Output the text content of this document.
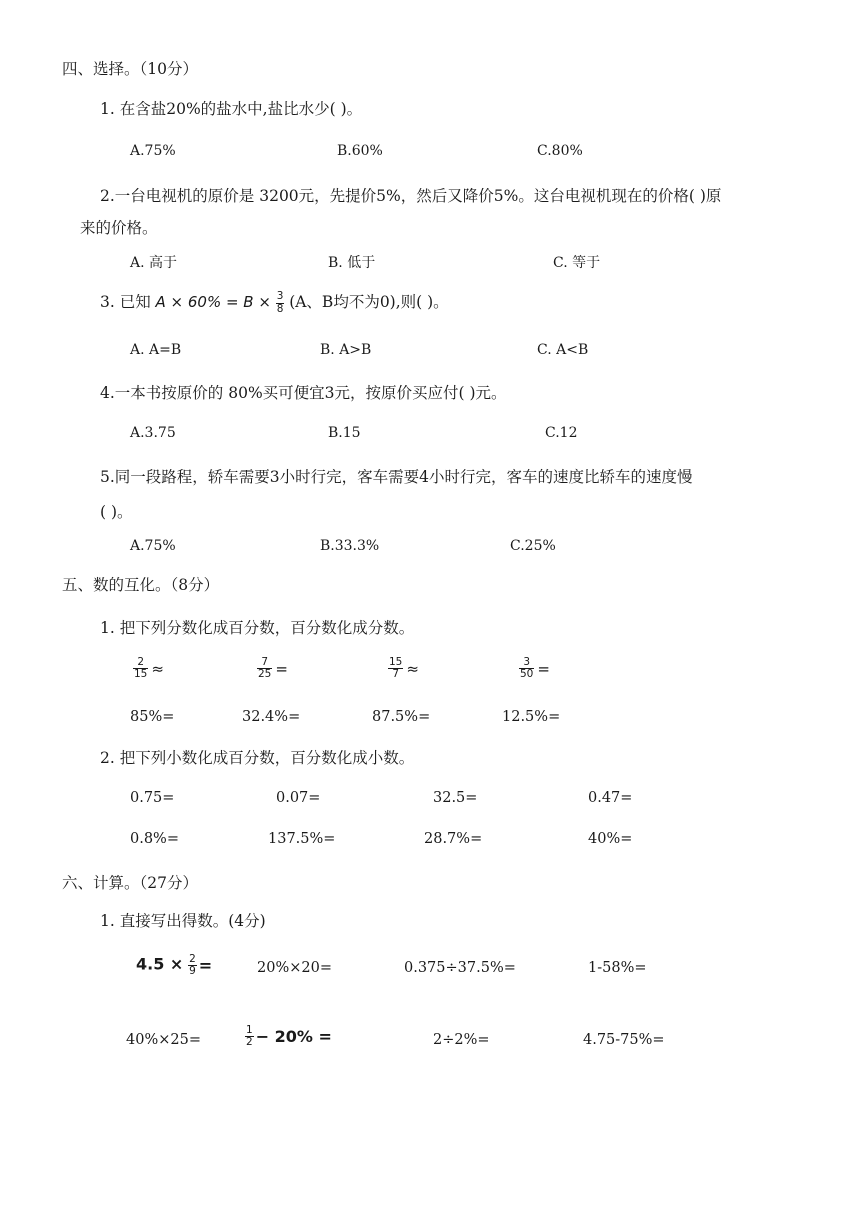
四、选择。（10分）
1. 在含盐20%的盐水中,盐比水少( )。
A.75%	B.60%	C.80%
2.一台电视机的原价是 3200元，先提价5%，然后又降价5%。这台电视机现在的价格( )原
来的价格。
A. 高于	B. 低于	C. 等于
3. 已知 $A \times 60\% = B \times \frac{3}{8} (A$、B均不为0),则( )。
A. A=B	B. A>B	C. A<B
4.一本书按原价的 80%买可便宜3元，按原价买应付( )元。
A.3.75	B.15	C.12
5.同一段路程，轿车需要3小时行完，客车需要4小时行完，客车的速度比轿车的速度慢
( )。
A.75%	B.33.3%	C.25%
五、数的互化。（8分）
1. 把下列分数化成百分数，百分数化成分数。
$\frac{2}{15}$ ≈	$\frac{7}{25}$ =	$\frac{15}{7}$ ≈	$\frac{3}{50}$ =
85%=	32.4%=	87.5%=	12.5%=
2. 把下列小数化成百分数，百分数化成小数。
0.75=	0.07=	32.5=	0.47=
0.8%=	137.5%=	28.7%=	40%=
六、计算。（27分）
1. 直接写出得数。(4分)
$4.5 \times \frac{2}{9}$ =	20%×20=	0.375÷37.5%=	1-58%=
40%×25=	$\frac{1}{2} - 20\%$ =	2÷2%=	4.75-75%=
